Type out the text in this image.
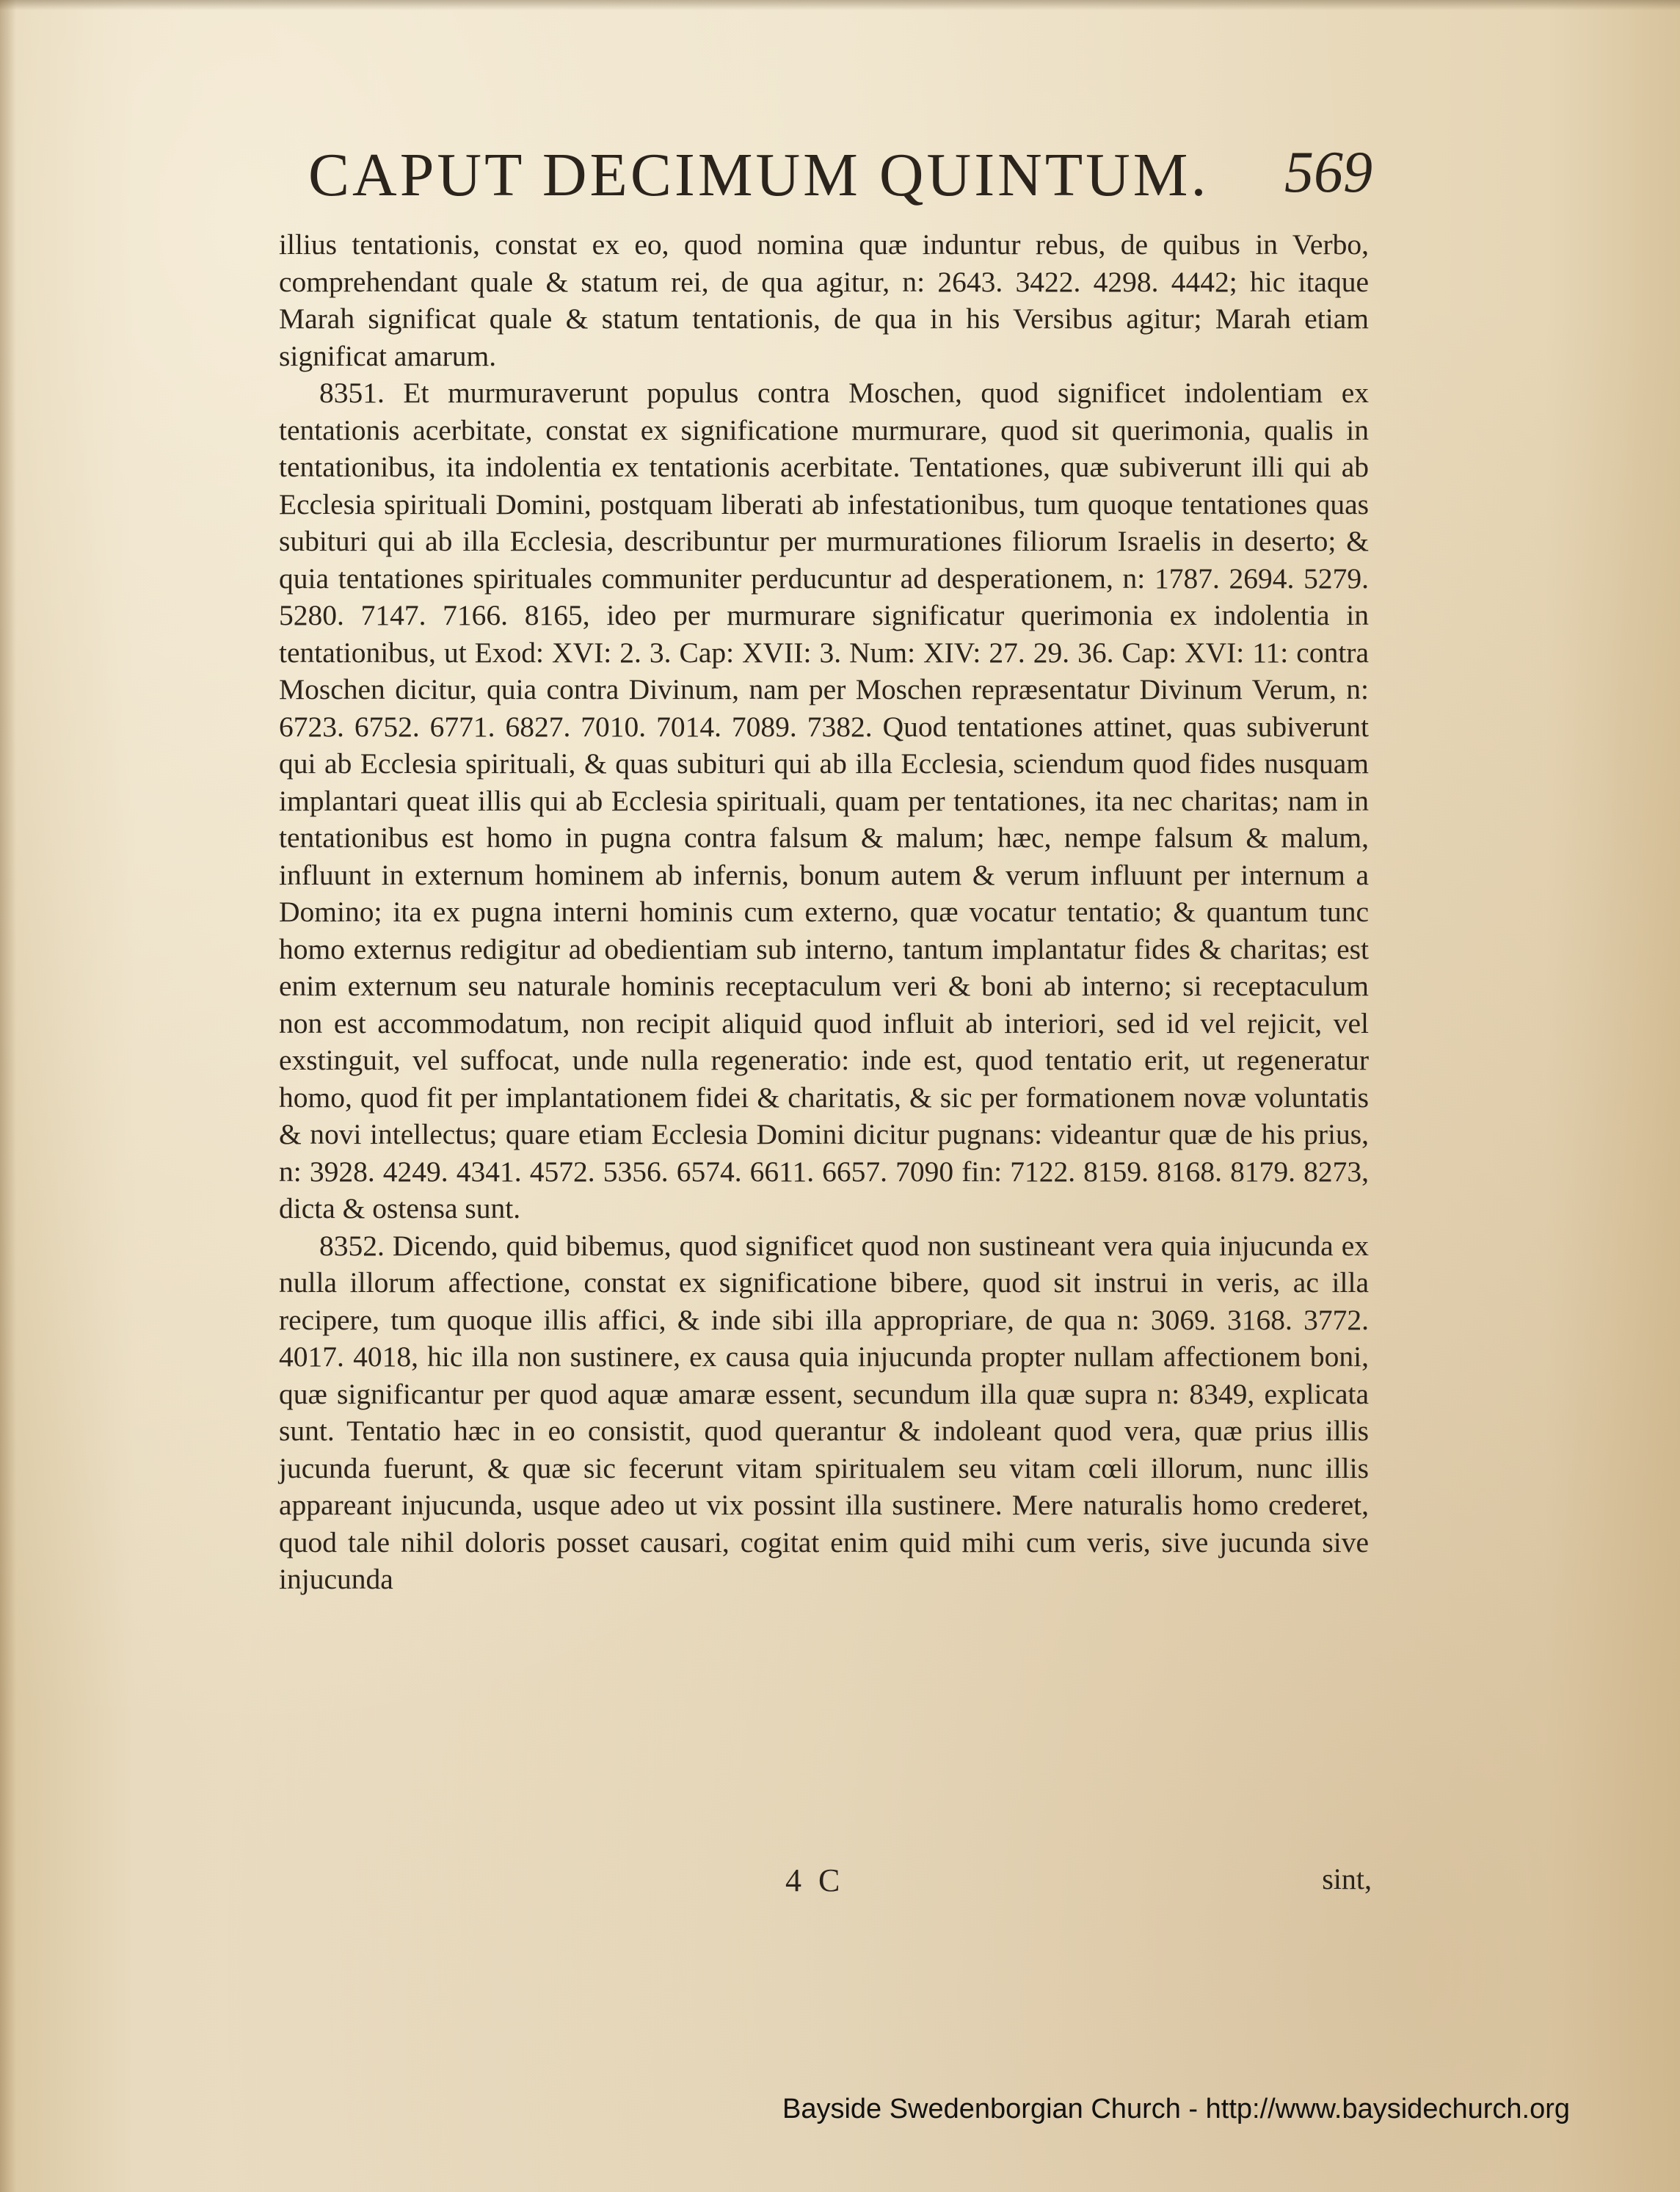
CAPUT DECIMUM QUINTUM. 569

illius tentationis, constat ex eo, quod nomina quæ induntur rebus, de quibus in Verbo, comprehendant quale & statum rei, de qua agitur, n: 2643. 3422. 4298. 4442; hic itaque Marah significat quale & statum tentationis, de qua in his Versibus agitur; Marah etiam significat amarum.

8351. Et murmuraverunt populus contra Moschen, quod significet indolentiam ex tentationis acerbitate, constat ex significatione murmurare, quod sit querimonia, qualis in tentationibus, ita indolentia ex tentationis acerbitate. Tentationes, quæ subiverunt illi qui ab Ecclesia spirituali Domini, postquam liberati ab infestationibus, tum quoque tentationes quas subituri qui ab illa Ecclesia, describuntur per murmurationes filiorum Israelis in deserto; & quia tentationes spirituales communiter perducuntur ad desperationem, n: 1787. 2694. 5279. 5280. 7147. 7166. 8165, ideo per murmurare significatur querimonia ex indolentia in tentationibus, ut Exod: XVI: 2. 3. Cap: XVII: 3. Num: XIV: 27. 29. 36. Cap: XVI: 11: contra Moschen dicitur, quia contra Divinum, nam per Moschen repræsentatur Divinum Verum, n: 6723. 6752. 6771. 6827. 7010. 7014. 7089. 7382. Quod tentationes attinet, quas subiverunt qui ab Ecclesia spirituali, & quas subituri qui ab illa Ecclesia, sciendum quod fides nusquam implantari queat illis qui ab Ecclesia spirituali, quam per tentationes, ita nec charitas; nam in tentationibus est homo in pugna contra falsum & malum; hæc, nempe falsum & malum, influunt in externum hominem ab infernis, bonum autem & verum influunt per internum a Domino; ita ex pugna interni hominis cum externo, quæ vocatur tentatio; & quantum tunc homo externus redigitur ad obedientiam sub interno, tantum implantatur fides & charitas; est enim externum seu naturale hominis receptaculum veri & boni ab interno; si receptaculum non est accommodatum, non recipit aliquid quod influit ab interiori, sed id vel rejicit, vel exstinguit, vel suffocat, unde nulla regeneratio: inde est, quod tentatio erit, ut regeneratur homo, quod fit per implantationem fidei & charitatis, & sic per formationem novæ voluntatis & novi intellectus; quare etiam Ecclesia Domini dicitur pugnans: videantur quæ de his prius, n: 3928. 4249. 4341. 4572. 5356. 6574. 6611. 6657. 7090 fin: 7122. 8159. 8168. 8179. 8273, dicta & ostensa sunt.

8352. Dicendo, quid bibemus, quod significet quod non sustineant vera quia injucunda ex nulla illorum affectione, constat ex significatione bibere, quod sit instrui in veris, ac illa recipere, tum quoque illis affici, & inde sibi illa appropriare, de qua n: 3069. 3168. 3772. 4017. 4018, hic illa non sustinere, ex causa quia injucunda propter nullam affectionem boni, quæ significantur per quod aquæ amaræ essent, secundum illa quæ supra n: 8349, explicata sunt. Tentatio hæc in eo consistit, quod querantur & indoleant quod vera, quæ prius illis jucunda fuerunt, & quæ sic fecerunt vitam spiritualem seu vitam cœli illorum, nunc illis appareant injucunda, usque adeo ut vix possint illa sustinere. Mere naturalis homo crederet, quod tale nihil doloris posset causari, cogitat enim quid mihi cum veris, sive jucunda sive injucunda

4 C	sint,
Bayside Swedenborgian Church - http://www.baysidechurch.org
